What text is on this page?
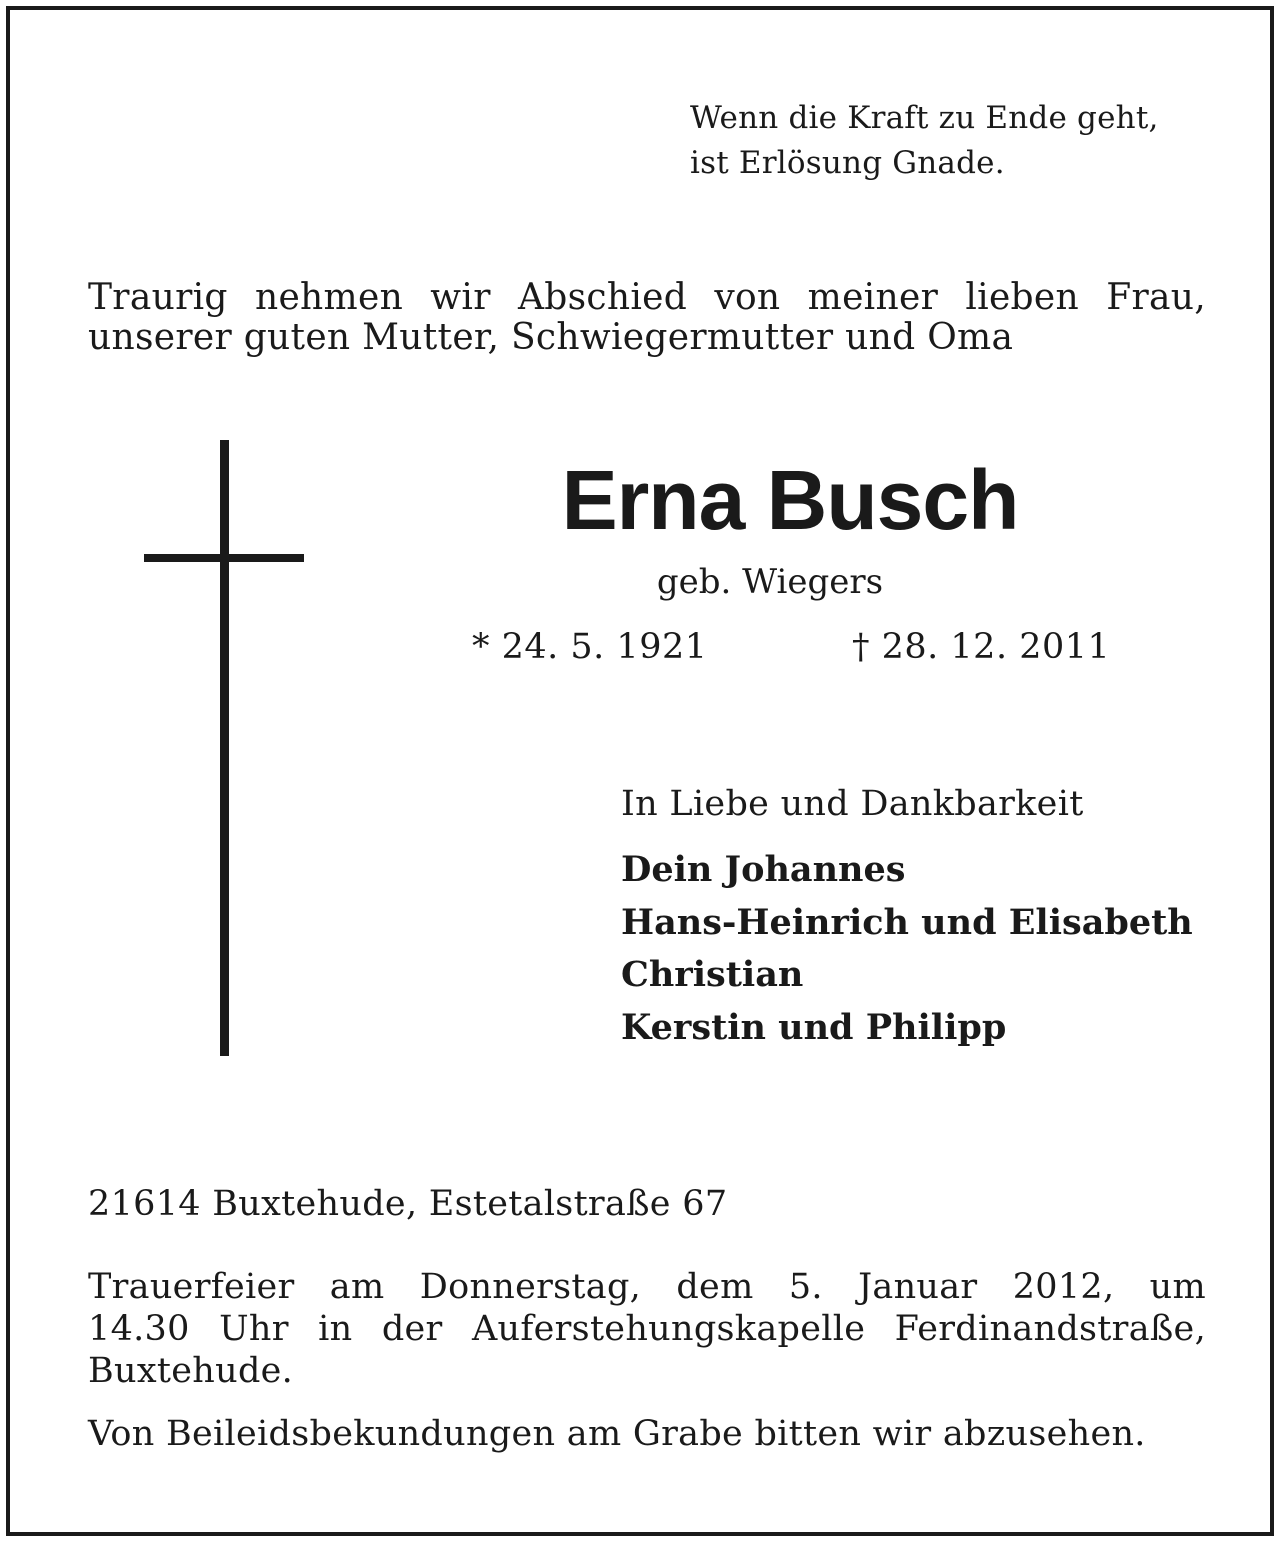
Wenn die Kraft zu Ende geht,
ist Erlösung Gnade.
Traurig nehmen wir Abschied von meiner lieben Frau,
unserer guten Mutter, Schwiegermutter und Oma
Erna Busch
geb. Wiegers
* 24. 5. 1921	† 28. 12. 2011
In Liebe und Dankbarkeit
Dein Johannes
Hans-Heinrich und Elisabeth
Christian
Kerstin und Philipp
21614 Buxtehude, Estetalstraße 67
Trauerfeier am Donnerstag, dem 5. Januar 2012, um
14.30 Uhr in der Auferstehungskapelle Ferdinandstraße,
Buxtehude.
Von Beileidsbekundungen am Grabe bitten wir abzusehen.
